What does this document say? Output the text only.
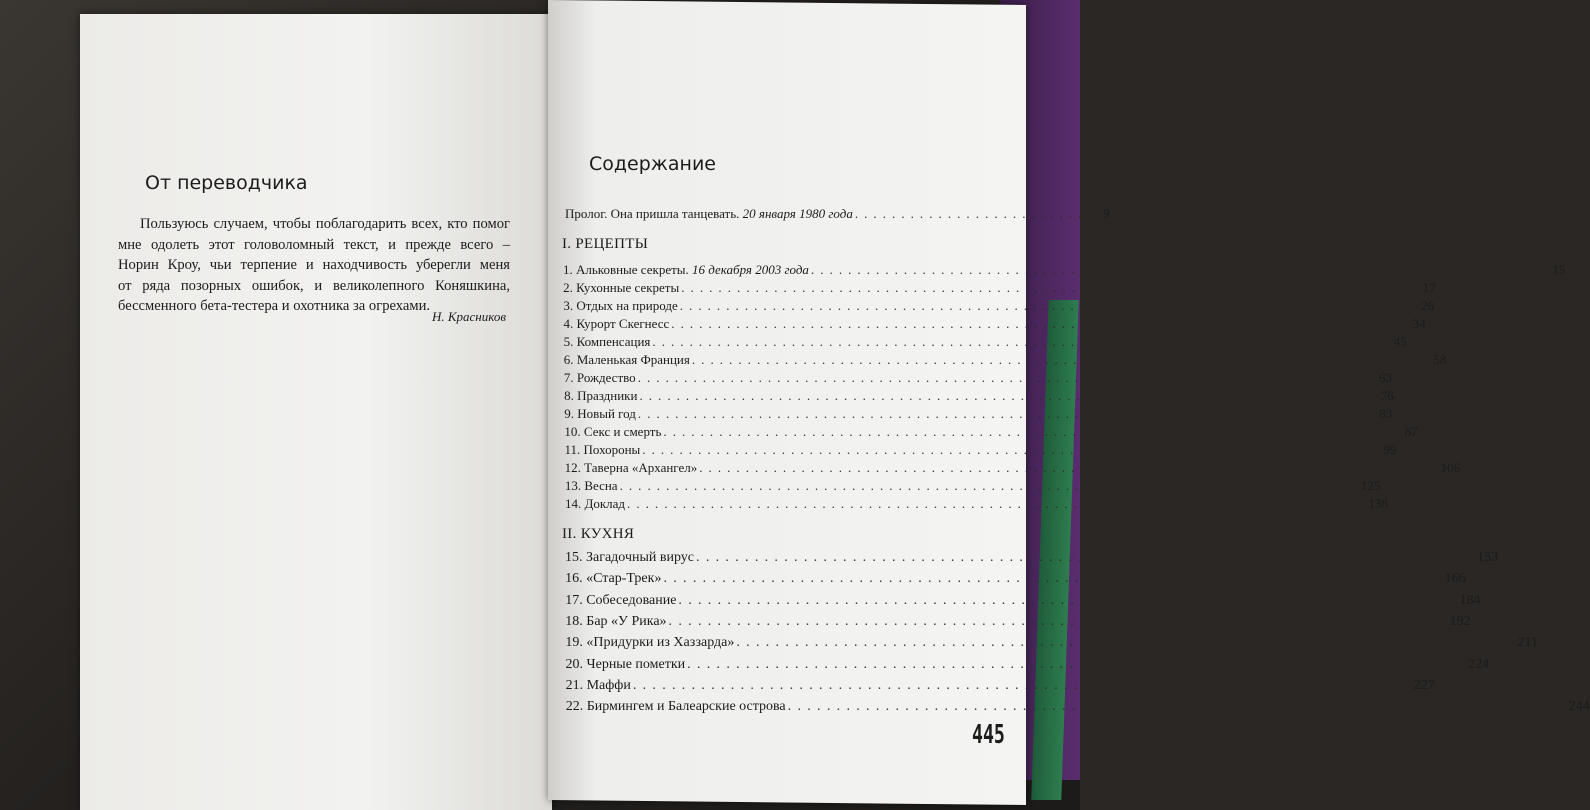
От переводчика
Пользуюсь случаем, чтобы поблагодарить всех, кто помог
мне одолеть этот головоломный текст, и прежде всего –
Норин Кроу, чьи терпение и находчивость уберегли меня
от ряда позорных ошибок, и великолепного Коняшкина,
бессменного бета-тестера и охотника за огрехами.
Н. Красников
Содержание
Пролог. Она пришла танцевать. 20 января 1980 года . . . . . . . . . . . . . . . . . . . . . . . . . . . 9
I. РЕЦЕПТЫ
1. Альковные секреты. 16 декабря 2003 года . . . . . . . . . . . . . . . . . . . . . . . . . . . . . . . . . . . . . . . . . . . . . . . . . . . . . . . . . . . . . . . . . . . . . . . . . . . . . . . . 15
2. Кухонные секреты . . . . . . . . . . . . . . . . . . . . . . . . . . . . . . . . . . . . . . . . . . . . . . . . . . . . . . . . . . . . . . . . . . . . . . . . . . . . . . . . 17
3. Отдых на природе . . . . . . . . . . . . . . . . . . . . . . . . . . . . . . . . . . . . . . . . . . . . . . . . . . . . . . . . . . . . . . . . . . . . . . . . . . . . . . . . 26
4. Курорт Скегнесс . . . . . . . . . . . . . . . . . . . . . . . . . . . . . . . . . . . . . . . . . . . . . . . . . . . . . . . . . . . . . . . . . . . . . . . . . . . . . . . . 34
5. Компенсация . . . . . . . . . . . . . . . . . . . . . . . . . . . . . . . . . . . . . . . . . . . . . . . . . . . . . . . . . . . . . . . . . . . . . . . . . . . . . . . . 45
6. Маленькая Франция . . . . . . . . . . . . . . . . . . . . . . . . . . . . . . . . . . . . . . . . . . . . . . . . . . . . . . . . . . . . . . . . . . . . . . . . . . . . . . . . 58
7. Рождество . . . . . . . . . . . . . . . . . . . . . . . . . . . . . . . . . . . . . . . . . . . . . . . . . . . . . . . . . . . . . . . . . . . . . . . . . . . . . . . . 63
8. Праздники . . . . . . . . . . . . . . . . . . . . . . . . . . . . . . . . . . . . . . . . . . . . . . . . . . . . . . . . . . . . . . . . . . . . . . . . . . . . . . . . 76
9. Новый год . . . . . . . . . . . . . . . . . . . . . . . . . . . . . . . . . . . . . . . . . . . . . . . . . . . . . . . . . . . . . . . . . . . . . . . . . . . . . . . . 83
10. Секс и смерть . . . . . . . . . . . . . . . . . . . . . . . . . . . . . . . . . . . . . . . . . . . . . . . . . . . . . . . . . . . . . . . . . . . . . . . . . . . . . . . . 87
11. Похороны . . . . . . . . . . . . . . . . . . . . . . . . . . . . . . . . . . . . . . . . . . . . . . . . . . . . . . . . . . . . . . . . . . . . . . . . . . . . . . . . 99
12. Таверна «Архангел» . . . . . . . . . . . . . . . . . . . . . . . . . . . . . . . . . . . . . . . . . . . . . . . . . . . . . . . . . . . . . . . . . . . . . . . . . . . . . . . . 106
13. Весна . . . . . . . . . . . . . . . . . . . . . . . . . . . . . . . . . . . . . . . . . . . . . . . . . . . . . . . . . . . . . . . . . . . . . . . . . . . . . . . . 125
14. Доклад . . . . . . . . . . . . . . . . . . . . . . . . . . . . . . . . . . . . . . . . . . . . . . . . . . . . . . . . . . . . . . . . . . . . . . . . . . . . . . . . 138
II. КУХНЯ
15. Загадочный вирус . . . . . . . . . . . . . . . . . . . . . . . . . . . . . . . . . . . . . . . . . . . . . . . . . . . . . . . . . . . . . . . . . . . . . . . . . . . . . . . . 153
16. «Стар-Трек» . . . . . . . . . . . . . . . . . . . . . . . . . . . . . . . . . . . . . . . . . . . . . . . . . . . . . . . . . . . . . . . . . . . . . . . . . . . . . . . . 166
17. Собеседование . . . . . . . . . . . . . . . . . . . . . . . . . . . . . . . . . . . . . . . . . . . . . . . . . . . . . . . . . . . . . . . . . . . . . . . . . . . . . . . . 184
18. Бар «У Рика» . . . . . . . . . . . . . . . . . . . . . . . . . . . . . . . . . . . . . . . . . . . . . . . . . . . . . . . . . . . . . . . . . . . . . . . . . . . . . . . . 192
19. «Придурки из Хаззарда» . . . . . . . . . . . . . . . . . . . . . . . . . . . . . . . . . . . . . . . . . . . . . . . . . . . . . . . . . . . . . . . . . . . . . . . . . . . . . . . . 211
20. Черные пометки . . . . . . . . . . . . . . . . . . . . . . . . . . . . . . . . . . . . . . . . . . . . . . . . . . . . . . . . . . . . . . . . . . . . . . . . . . . . . . . . 224
21. Маффи . . . . . . . . . . . . . . . . . . . . . . . . . . . . . . . . . . . . . . . . . . . . . . . . . . . . . . . . . . . . . . . . . . . . . . . . . . . . . . . . 227
22. Бирмингем и Балеарские острова . . . . . . . . . . . . . . . . . . . . . . . . . . . . . . . . . . . . . . . . . . . . . . . . . . . . . . . . . . . . . . . . . . . . . . . . . . . . . . . . 244
445
